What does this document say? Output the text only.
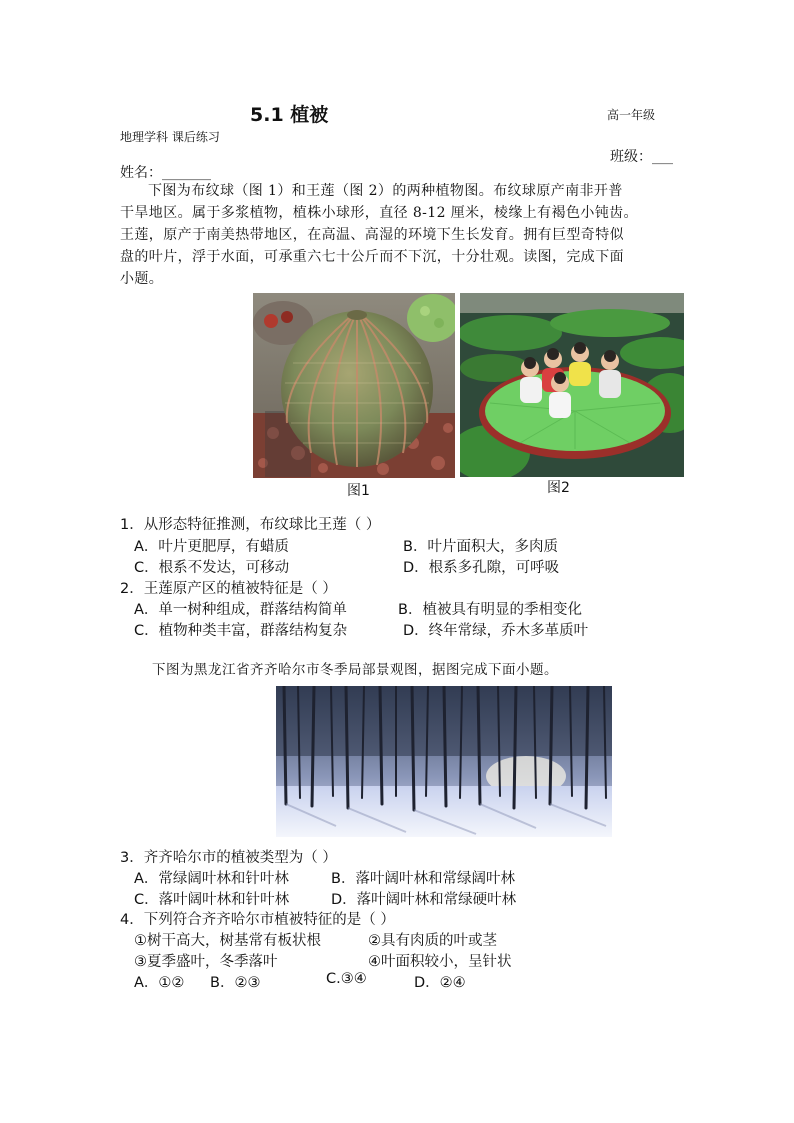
5.1 植被	高一年级
地理学科 课后练习
班级：___
姓名：_______
下图为布纹球（图 1）和王莲（图 2）的两种植物图。布纹球原产南非开普
干旱地区。属于多浆植物，植株小球形，直径 8-12 厘米，棱缘上有褐色小钝齿。
王莲，原产于南美热带地区，在高温、高湿的环境下生长发育。拥有巨型奇特似
盘的叶片，浮于水面，可承重六七十公斤而不下沉，十分壮观。读图，完成下面
小题。
图1	图2
1．从形态特征推测，布纹球比王莲（ ）
A．叶片更肥厚，有蜡质	B．叶片面积大，多肉质
C．根系不发达，可移动	D．根系多孔隙，可呼吸
2．王莲原产区的植被特征是（ ）
A．单一树种组成，群落结构简单	B．植被具有明显的季相变化
C．植物种类丰富，群落结构复杂	D．终年常绿，乔木多革质叶
下图为黑龙江省齐齐哈尔市冬季局部景观图，据图完成下面小题。
3．齐齐哈尔市的植被类型为（ ）
A．常绿阔叶林和针叶林	B．落叶阔叶林和常绿阔叶林
C．落叶阔叶林和针叶林	D．落叶阔叶林和常绿硬叶林
4．下列符合齐齐哈尔市植被特征的是（ ）
①树干高大，树基常有板状根	②具有肉质的叶或茎
③夏季盛叶，冬季落叶	④叶面积较小，呈针状
A．①② B．②③	C.③④	D．②④
